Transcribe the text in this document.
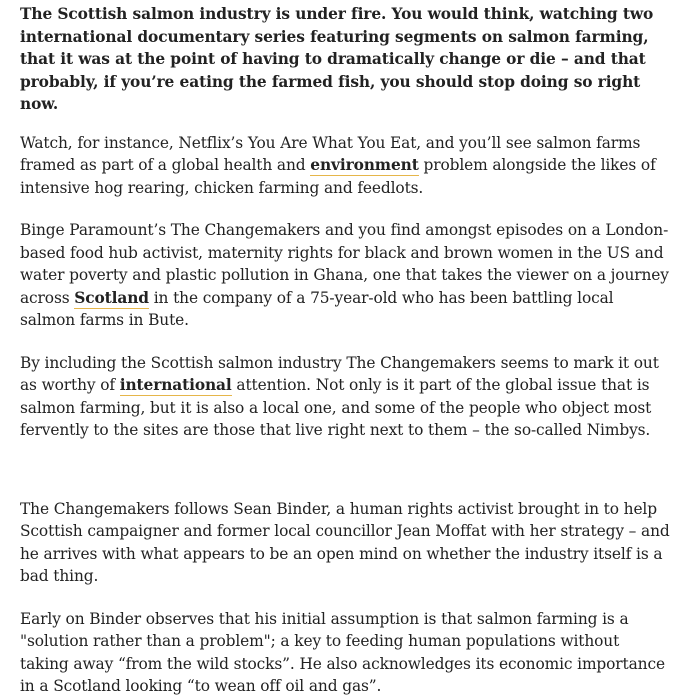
The Scottish salmon industry is under fire. You would think, watching two international documentary series featuring segments on salmon farming, that it was at the point of having to dramatically change or die – and that probably, if you’re eating the farmed fish, you should stop doing so right now.

Watch, for instance, Netflix’s You Are What You Eat, and you’ll see salmon farms framed as part of a global health and environment problem alongside the likes of intensive hog rearing, chicken farming and feedlots.

Binge Paramount’s The Changemakers and you find amongst episodes on a London-based food hub activist, maternity rights for black and brown women in the US and water poverty and plastic pollution in Ghana, one that takes the viewer on a journey across Scotland in the company of a 75-year-old who has been battling local salmon farms in Bute.

By including the Scottish salmon industry The Changemakers seems to mark it out as worthy of international attention. Not only is it part of the global issue that is salmon farming, but it is also a local one, and some of the people who object most fervently to the sites are those that live right next to them – the so-called Nimbys.

The Changemakers follows Sean Binder, a human rights activist brought in to help Scottish campaigner and former local councillor Jean Moffat with her strategy – and he arrives with what appears to be an open mind on whether the industry itself is a bad thing.

Early on Binder observes that his initial assumption is that salmon farming is a "solution rather than a problem"; a key to feeding human populations without taking away “from the wild stocks”. He also acknowledges its economic importance in a Scotland looking “to wean off oil and gas”.
